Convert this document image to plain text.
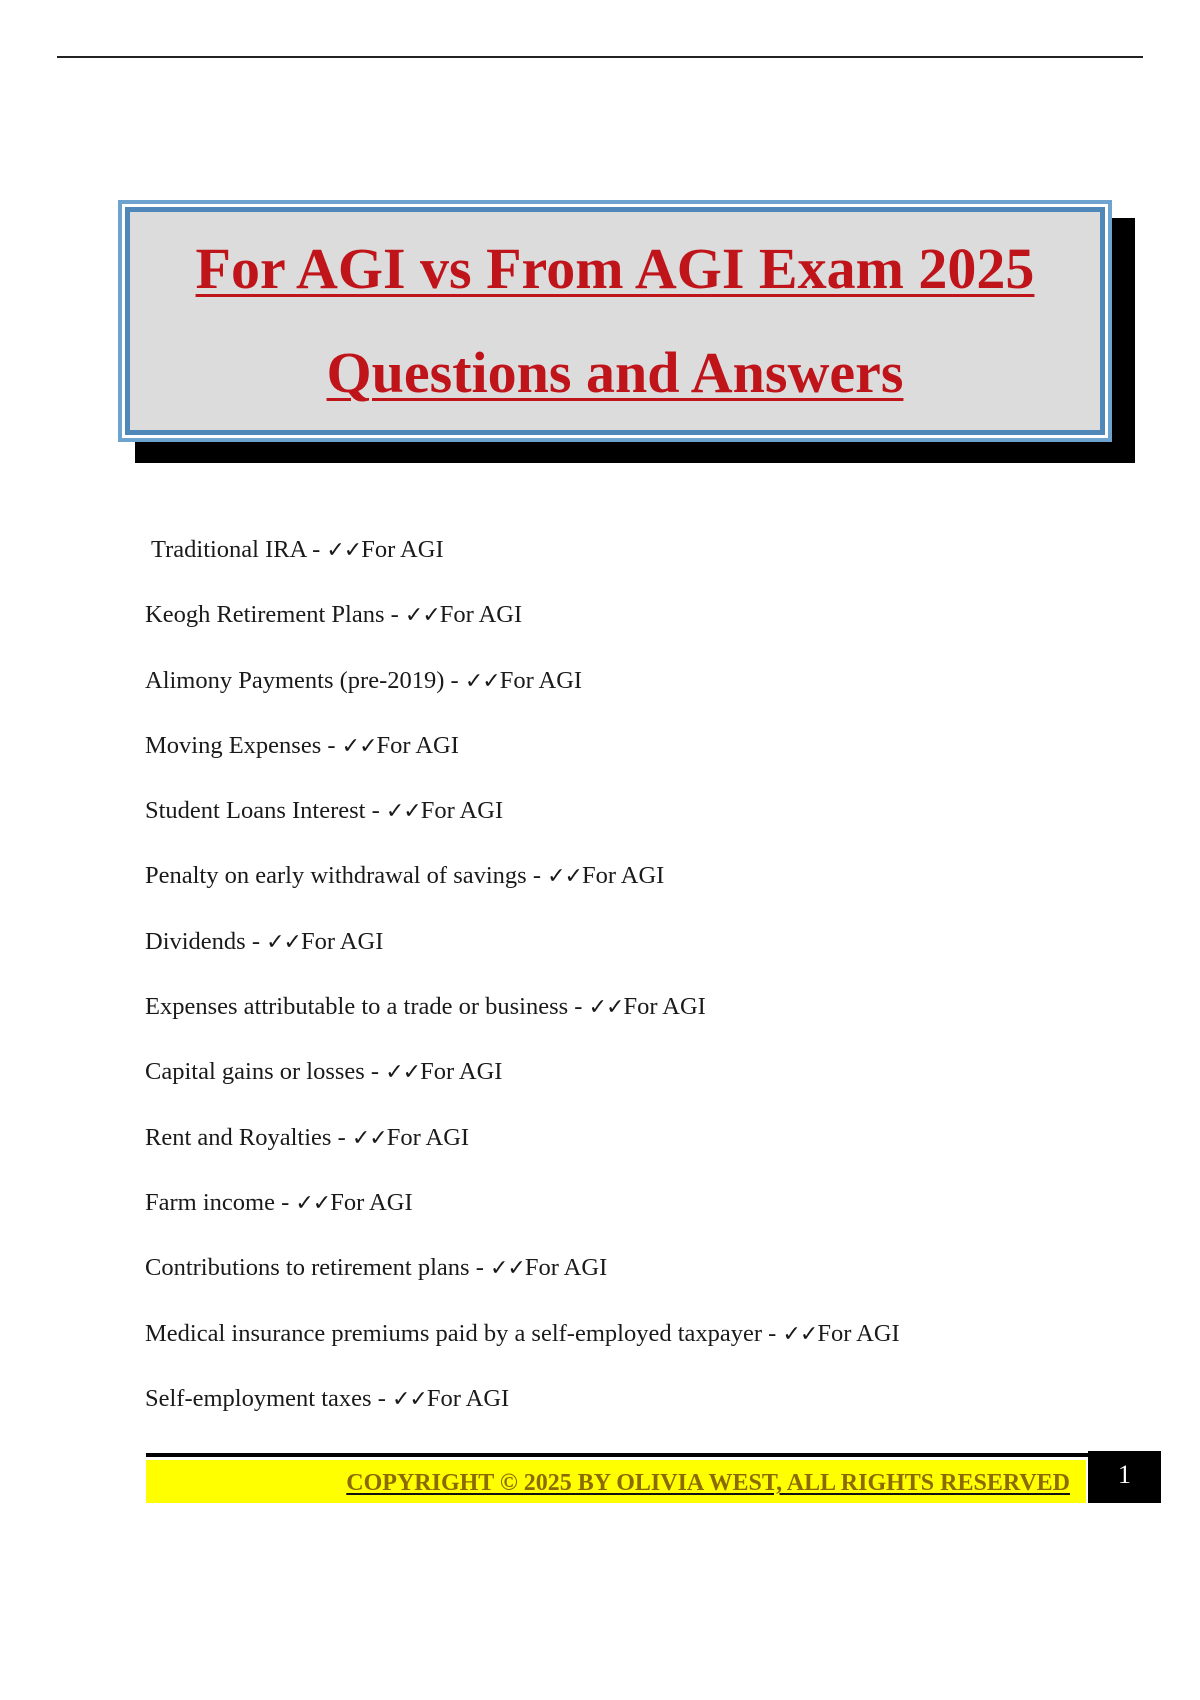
For AGI vs From AGI Exam 2025
Questions and Answers
Traditional IRA - ✓✓For AGI
Keogh Retirement Plans - ✓✓For AGI
Alimony Payments (pre-2019) - ✓✓For AGI
Moving Expenses - ✓✓For AGI
Student Loans Interest - ✓✓For AGI
Penalty on early withdrawal of savings - ✓✓For AGI
Dividends - ✓✓For AGI
Expenses attributable to a trade or business - ✓✓For AGI
Capital gains or losses - ✓✓For AGI
Rent and Royalties - ✓✓For AGI
Farm income - ✓✓For AGI
Contributions to retirement plans - ✓✓For AGI
Medical insurance premiums paid by a self-employed taxpayer - ✓✓For AGI
Self-employment taxes - ✓✓For AGI
COPYRIGHT © 2025 BY OLIVIA WEST, ALL RIGHTS RESERVED	1
